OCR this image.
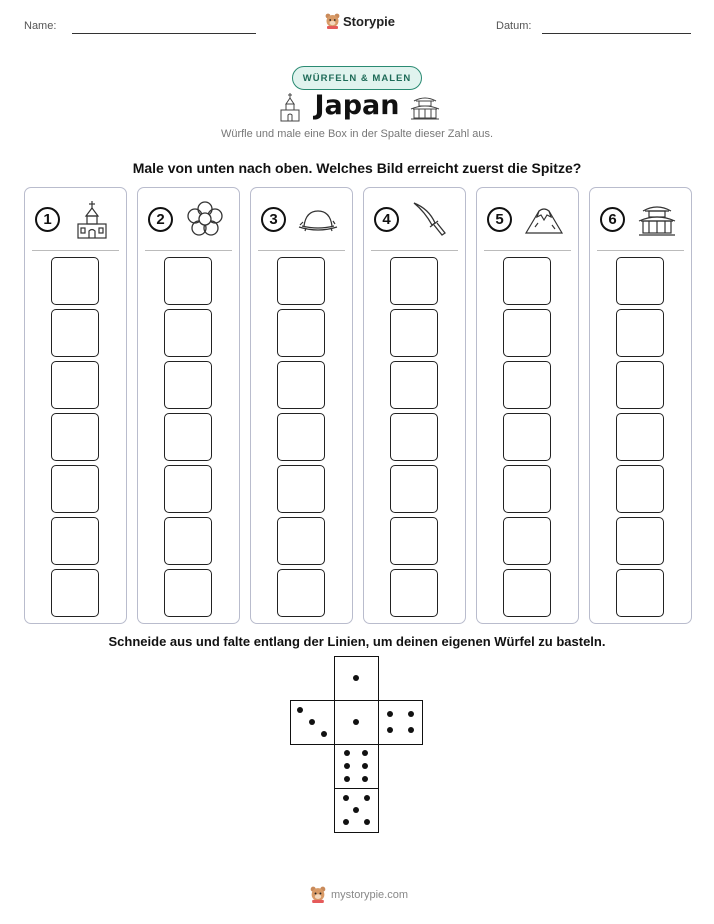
Name:	Storypie	Datum:
WÜRFELN & MALEN
Japan
Würfle und male eine Box in der Spalte dieser Zahl aus.
Male von unten nach oben. Welches Bild erreicht zuerst die Spitze?
1	2	3	4	5	6
Schneide aus und falte entlang der Linien, um deinen eigenen Würfel zu basteln.
mystorypie.com
